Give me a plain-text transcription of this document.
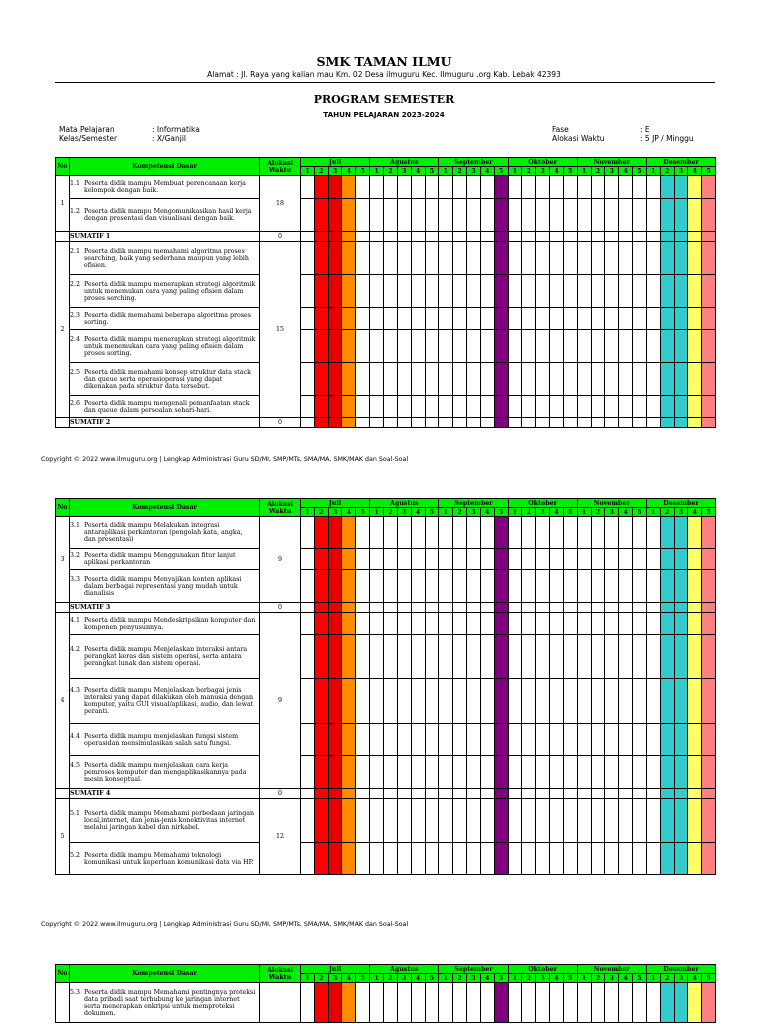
SMK TAMAN ILMU
Alamat : Jl. Raya yang kalian mau Km. 02 Desa ilmuguru Kec. Ilmuguru .org Kab. Lebak 42393
PROGRAM SEMESTER
TAHUN PELAJARAN 2023-2024
Mata Pelajaran	: Informatika
Kelas/Semester	: X/Ganjil
Fase	: E
Alokasi Waktu	: 5 JP / Minggu
No	Kompetensi Dasar	Alokasi Waktu	Juli					Agustus					September					Oktober					November					Desember				
			1	2	3	4	5	1	2	3	4	5	1	2	3	4	5	1	2	3	4	5	1	2	3	4	5	1	2	3	4	5
1	1.1 Peserta didik mampu Membuat perencanaan kerja kelompok dengan baik.	18																														
	1.2 Peserta didik mampu Mengomunikasikan hasil kerja dengan presentasi dan visualisasi dengan baik.																															
	SUMATIF 1	0																														
2	2.1 Peserta didik mampu memahami algoritma proses searching, baik yang sederhana maupun yang lebih efisien.	15																														
	2.2 Peserta didik mampu menerapkan strategi algoritmik untuk menemukan cara yang paling efisien dalam proses serching.																															
	2.3 Peserta didik memahami beberapa algoritma proses sorting.																															
	2.4 Peserta didik mampu menerapkan strategi algoritmik untuk menemukan cara yang paling efisien dalam proses sorting.																															
	2.5 Peserta didik memahami konsep struktur data stack dan queue serta operasioperasi yang dapat dikenakan pada struktur data tersebut.																															
	2.6 Peserta didik mampu mengenali pemanfaatan stack dan queue dalam persoalan sehari-hari.																															
	SUMATIF 2	0																														
No	Kompetensi Dasar	Alokasi Waktu	Juli					Agustus					September					Oktober					November					Desember				
			1	2	3	4	5	1	2	3	4	5	1	2	3	4	5	1	2	3	4	5	1	2	3	4	5	1	2	3	4	5
3	3.1 Peserta didik mampu Melakukan integrasi antaraplikasi perkantoran (pengolah kata, angka, dan presentasi)	9																														
	3.2 Peserta didik mampu Menggunakan fitur lanjut aplikasi perkantoran																															
	3.3 Peserta didik mampu Menyajikan konten aplikasi dalam berbagai representasi yang mudah untuk dianalisis																															
	SUMATIF 3	0																														
4	4.1 Peserta didik mampu Mendeskripsikan komputer dan komponen penyusunnya.	9																														
	4.2 Peserta didik mampu Menjelaskan interaksi antara perangkat keras dan sistem operasi, serta antara perangkat lunak dan sistem operasi.																															
	4.3 Peserta didik mampu Menjelaskan berbagai jenis interaksi yang dapat dilakukan oleh manusia dengan komputer, yaitu GUI visual/aplikasi, audio, dan lewat peranti.																															
	4.4 Peserta didik mampu menjelaskan fungsi sistem operasidan mensimulasikan salah satu fungsi.																															
	4.5 Peserta didik mampu menjelaskan cara kerja pemroses komputer dan mengaplikasikannya pada mesin konseptual.																															
	SUMATIF 4	0																														
5	5.1 Peserta didik mampu Memahami perbedaan jaringan local,internet, dan jenis-jenis konektivitas internet melalui jaringan kabel dan nirkabel.	12																														
	5.2 Peserta didik mampu Memahami teknologi komunikasi untuk keperluan komunikasi data via HP.																															
No	Kompetensi Dasar	Alokasi Waktu	Juli					Agustus					September					Oktober					November					Desember				
			1	2	3	4	5	1	2	3	4	5	1	2	3	4	5	1	2	3	4	5	1	2	3	4	5	1	2	3	4	5
	5.3 Peserta didik mampu Memahami pentingnya proteksi data pribadi saat terhubung ke jaringan internet serta menerapkan enkripsi untuk memproteksi dokumen.																															
Copyright © 2022 www.ilmuguru.org | Lengkap Administrasi Guru SD/MI, SMP/MTs, SMA/MA, SMK/MAK dan Soal-Soal
Copyright © 2022 www.ilmuguru.org | Lengkap Administrasi Guru SD/MI, SMP/MTs, SMA/MA, SMK/MAK dan Soal-Soal
